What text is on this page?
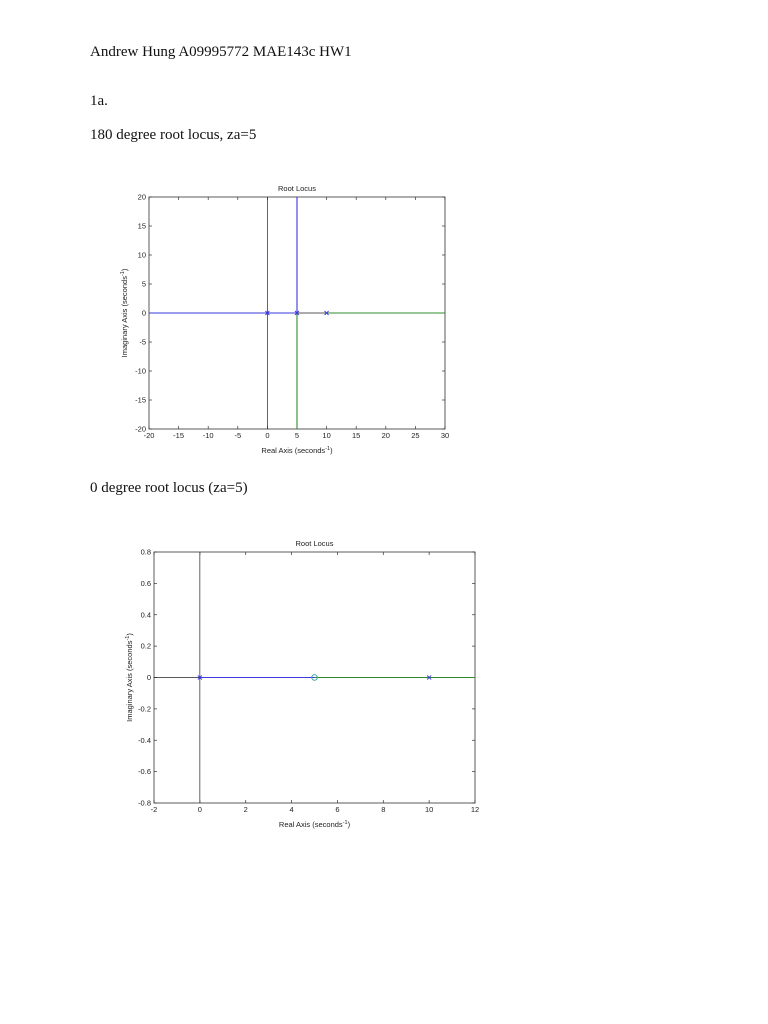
Andrew Hung A09995772 MAE143c HW1
1a.
180 degree root locus, za=5
0 degree root locus (za=5)
-20	-15	-10	-5	0	5	10	15	20	25	30
-20
-15
-10
-5
0
5
10
15
20
Root Locus
Real Axis (seconds$^{-1}$)
Imaginary Axis (seconds$^{-1}$)
-2	0	2	4	6	8	10	12
-0.8
-0.6
-0.4
-0.2
0
0.2
0.4
0.6
0.8
Root Locus
Real Axis (seconds$^{-1}$)
Imaginary Axis (seconds$^{-1}$)
